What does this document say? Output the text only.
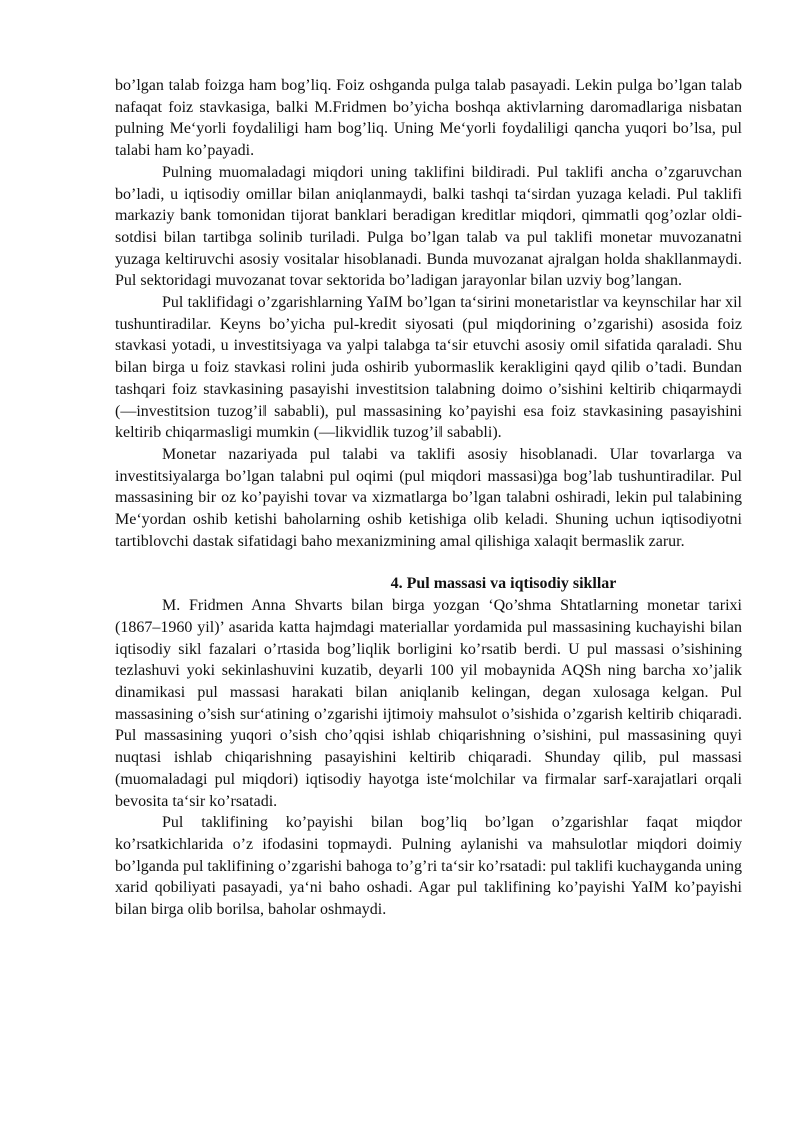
bo’lgan talab foizga ham bog’liq. Foiz oshganda pulga talab pasayadi. Lekin pulga bo’lgan talab nafaqat foiz stavkasiga, balki M.Fridmen bo’yicha boshqa aktivlarning daromadlariga nisbatan pulning Me‘yorli foydaliligi ham bog’liq. Uning Me‘yorli foydaliligi qancha yuqori bo’lsa, pul talabi ham ko’payadi.

Pulning muomaladagi miqdori uning taklifini bildiradi. Pul taklifi ancha o’zgaruvchan bo’ladi, u iqtisodiy omillar bilan aniqlanmaydi, balki tashqi ta‘sirdan yuzaga keladi. Pul taklifi markaziy bank tomonidan tijorat banklari beradigan kreditlar miqdori, qimmatli qog’ozlar oldi-sotdisi bilan tartibga solinib turiladi. Pulga bo’lgan talab va pul taklifi monetar muvozanatni yuzaga keltiruvchi asosiy vositalar hisoblanadi. Bunda muvozanat ajralgan holda shakllanmaydi. Pul sektoridagi muvozanat tovar sektorida bo’ladigan jarayonlar bilan uzviy bog’langan.

Pul taklifidagi o’zgarishlarning YaIM bo’lgan ta‘sirini monetaristlar va keynschilar har xil tushuntiradilar. Keyns bo’yicha pul-kredit siyosati (pul miqdorining o’zgarishi) asosida foiz stavkasi yotadi, u investitsiyaga va yalpi talabga ta‘sir etuvchi asosiy omil sifatida qaraladi. Shu bilan birga u foiz stavkasi rolini juda oshirib yubormaslik kerakligini qayd qilib o’tadi. Bundan tashqari foiz stavkasining pasayishi investitsion talabning doimo o’sishini keltirib chiqarmaydi (―investitsion tuzog’i‖ sababli), pul massasining ko’payishi esa foiz stavkasining pasayishini keltirib chiqarmasligi mumkin (―likvidlik tuzog’i‖ sababli).

Monetar nazariyada pul talabi va taklifi asosiy hisoblanadi. Ular tovarlarga va investitsiyalarga bo’lgan talabni pul oqimi (pul miqdori massasi)ga bog’lab tushuntiradilar. Pul massasining bir oz ko’payishi tovar va xizmatlarga bo’lgan talabni oshiradi, lekin pul talabining Me‘yordan oshib ketishi baholarning oshib ketishiga olib keladi. Shuning uchun iqtisodiyotni tartiblovchi dastak sifatidagi baho mexanizmining amal qilishiga xalaqit bermaslik zarur.

4. Pul massasi va iqtisodiy sikllar

M. Fridmen Anna Shvarts bilan birga yozgan ‘Qo’shma Shtatlarning monetar tarixi (1867–1960 yil)’ asarida katta hajmdagi materiallar yordamida pul massasining kuchayishi bilan iqtisodiy sikl fazalari o’rtasida bog’liqlik borligini ko’rsatib berdi. U pul massasi o’sishining tezlashuvi yoki sekinlashuvini kuzatib, deyarli 100 yil mobaynida AQSh ning barcha xo’jalik dinamikasi pul massasi harakati bilan aniqlanib kelingan, degan xulosaga kelgan. Pul massasining o’sish sur‘atining o’zgarishi ijtimoiy mahsulot o’sishida o’zgarish keltirib chiqaradi. Pul massasining yuqori o’sish cho’qqisi ishlab chiqarishning o’sishini, pul massasining quyi nuqtasi ishlab chiqarishning pasayishini keltirib chiqaradi. Shunday qilib, pul massasi (muomaladagi pul miqdori) iqtisodiy hayotga iste‘molchilar va firmalar sarf-xarajatlari orqali bevosita ta‘sir ko’rsatadi.

Pul taklifining ko’payishi bilan bog’liq bo’lgan o’zgarishlar faqat miqdor ko’rsatkichlarida o’z ifodasini topmaydi. Pulning aylanishi va mahsulotlar miqdori doimiy bo’lganda pul taklifining o’zgarishi bahoga to’g’ri ta‘sir ko’rsatadi: pul taklifi kuchayganda uning xarid qobiliyati pasayadi, ya‘ni baho oshadi. Agar pul taklifining ko’payishi YaIM ko’payishi bilan birga olib borilsa, baholar oshmaydi.
